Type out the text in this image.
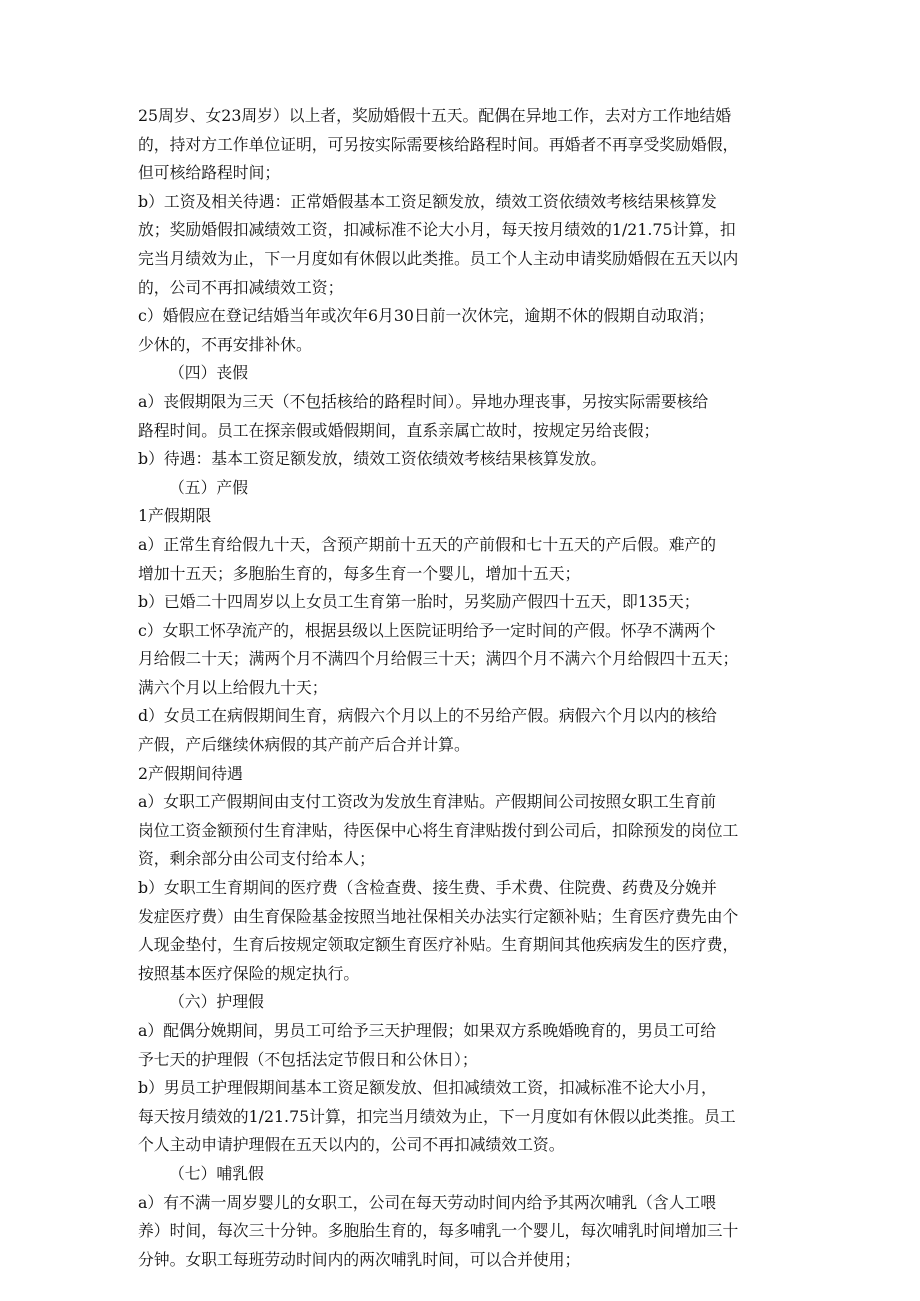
25周岁、女23周岁）以上者，奖励婚假十五天。配偶在异地工作，去对方工作地结婚
的，持对方工作单位证明，可另按实际需要核给路程时间。再婚者不再享受奖励婚假，
但可核给路程时间；
b）工资及相关待遇：正常婚假基本工资足额发放，绩效工资依绩效考核结果核算发
放；奖励婚假扣减绩效工资，扣减标准不论大小月，每天按月绩效的1/21.75计算，扣
完当月绩效为止，下一月度如有休假以此类推。员工个人主动申请奖励婚假在五天以内
的，公司不再扣减绩效工资；
c）婚假应在登记结婚当年或次年6月30日前一次休完，逾期不休的假期自动取消；
少休的，不再安排补休。
（四）丧假
a）丧假期限为三天（不包括核给的路程时间）。异地办理丧事，另按实际需要核给
路程时间。员工在探亲假或婚假期间，直系亲属亡故时，按规定另给丧假；
b）待遇：基本工资足额发放，绩效工资依绩效考核结果核算发放。
（五）产假
1产假期限
a）正常生育给假九十天，含预产期前十五天的产前假和七十五天的产后假。难产的
增加十五天；多胞胎生育的，每多生育一个婴儿，增加十五天；
b）已婚二十四周岁以上女员工生育第一胎时，另奖励产假四十五天，即135天；
c）女职工怀孕流产的，根据县级以上医院证明给予一定时间的产假。怀孕不满两个
月给假二十天；满两个月不满四个月给假三十天；满四个月不满六个月给假四十五天；
满六个月以上给假九十天；
d）女员工在病假期间生育，病假六个月以上的不另给产假。病假六个月以内的核给
产假，产后继续休病假的其产前产后合并计算。
2产假期间待遇
a）女职工产假期间由支付工资改为发放生育津贴。产假期间公司按照女职工生育前
岗位工资金额预付生育津贴，待医保中心将生育津贴拨付到公司后，扣除预发的岗位工
资，剩余部分由公司支付给本人；
b）女职工生育期间的医疗费（含检查费、接生费、手术费、住院费、药费及分娩并
发症医疗费）由生育保险基金按照当地社保相关办法实行定额补贴；生育医疗费先由个
人现金垫付，生育后按规定领取定额生育医疗补贴。生育期间其他疾病发生的医疗费，
按照基本医疗保险的规定执行。
（六）护理假
a）配偶分娩期间，男员工可给予三天护理假；如果双方系晚婚晚育的，男员工可给
予七天的护理假（不包括法定节假日和公休日）；
b）男员工护理假期间基本工资足额发放、但扣减绩效工资，扣减标准不论大小月，
每天按月绩效的1/21.75计算，扣完当月绩效为止，下一月度如有休假以此类推。员工
个人主动申请护理假在五天以内的，公司不再扣减绩效工资。
（七）哺乳假
a）有不满一周岁婴儿的女职工，公司在每天劳动时间内给予其两次哺乳（含人工喂
养）时间，每次三十分钟。多胞胎生育的，每多哺乳一个婴儿，每次哺乳时间增加三十
分钟。女职工每班劳动时间内的两次哺乳时间，可以合并使用；
